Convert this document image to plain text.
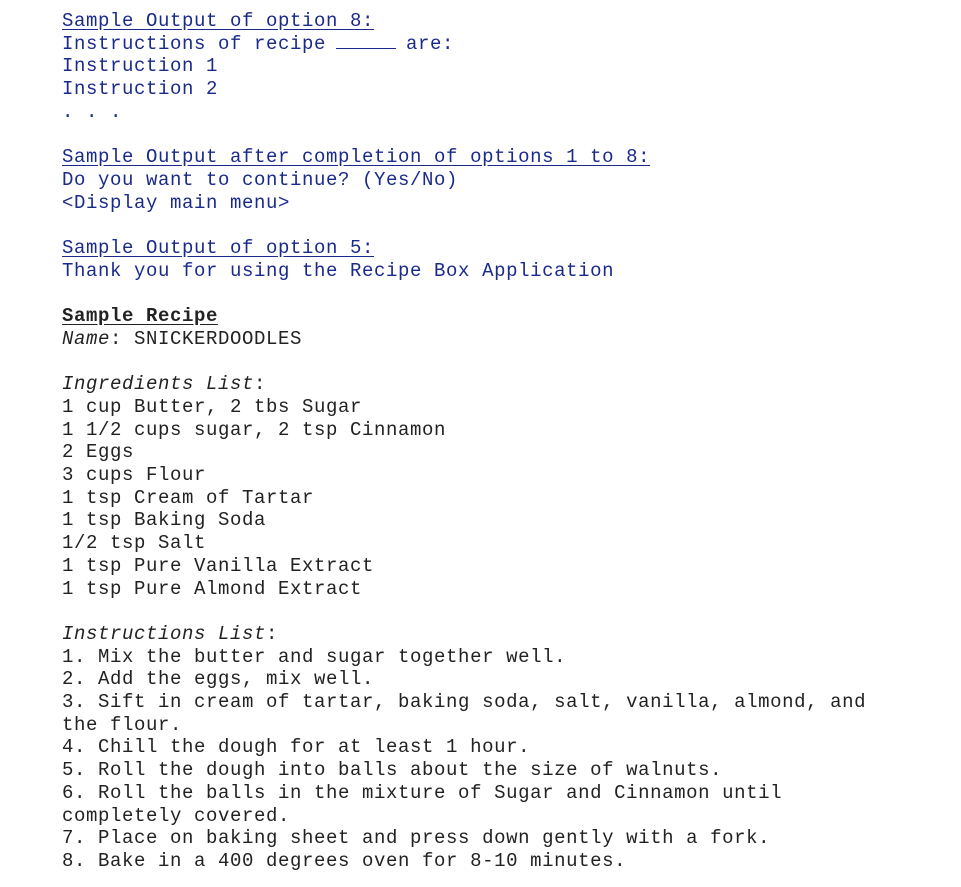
Sample Output of option 8:

Instructions of recipe	are:

Instruction 1

Instruction 2

. . .

Sample Output after completion of options 1 to 8:

Do you want to continue? (Yes/No)

<Display main menu>

Sample Output of option 5:

Thank you for using the Recipe Box Application

Sample Recipe

Name: SNICKERDOODLES

Ingredients List:

1 cup Butter, 2 tbs Sugar

1 1/2 cups sugar, 2 tsp Cinnamon

2 Eggs

3 cups Flour

1 tsp Cream of Tartar

1 tsp Baking Soda

1/2 tsp Salt

1 tsp Pure Vanilla Extract

1 tsp Pure Almond Extract

Instructions List:

1. Mix the butter and sugar together well.

2. Add the eggs, mix well.

3. Sift in cream of tartar, baking soda, salt, vanilla, almond, and

the flour.

4. Chill the dough for at least 1 hour.

5. Roll the dough into balls about the size of walnuts.

6. Roll the balls in the mixture of Sugar and Cinnamon until

completely covered.

7. Place on baking sheet and press down gently with a fork.

8. Bake in a 400 degrees oven for 8-10 minutes.
